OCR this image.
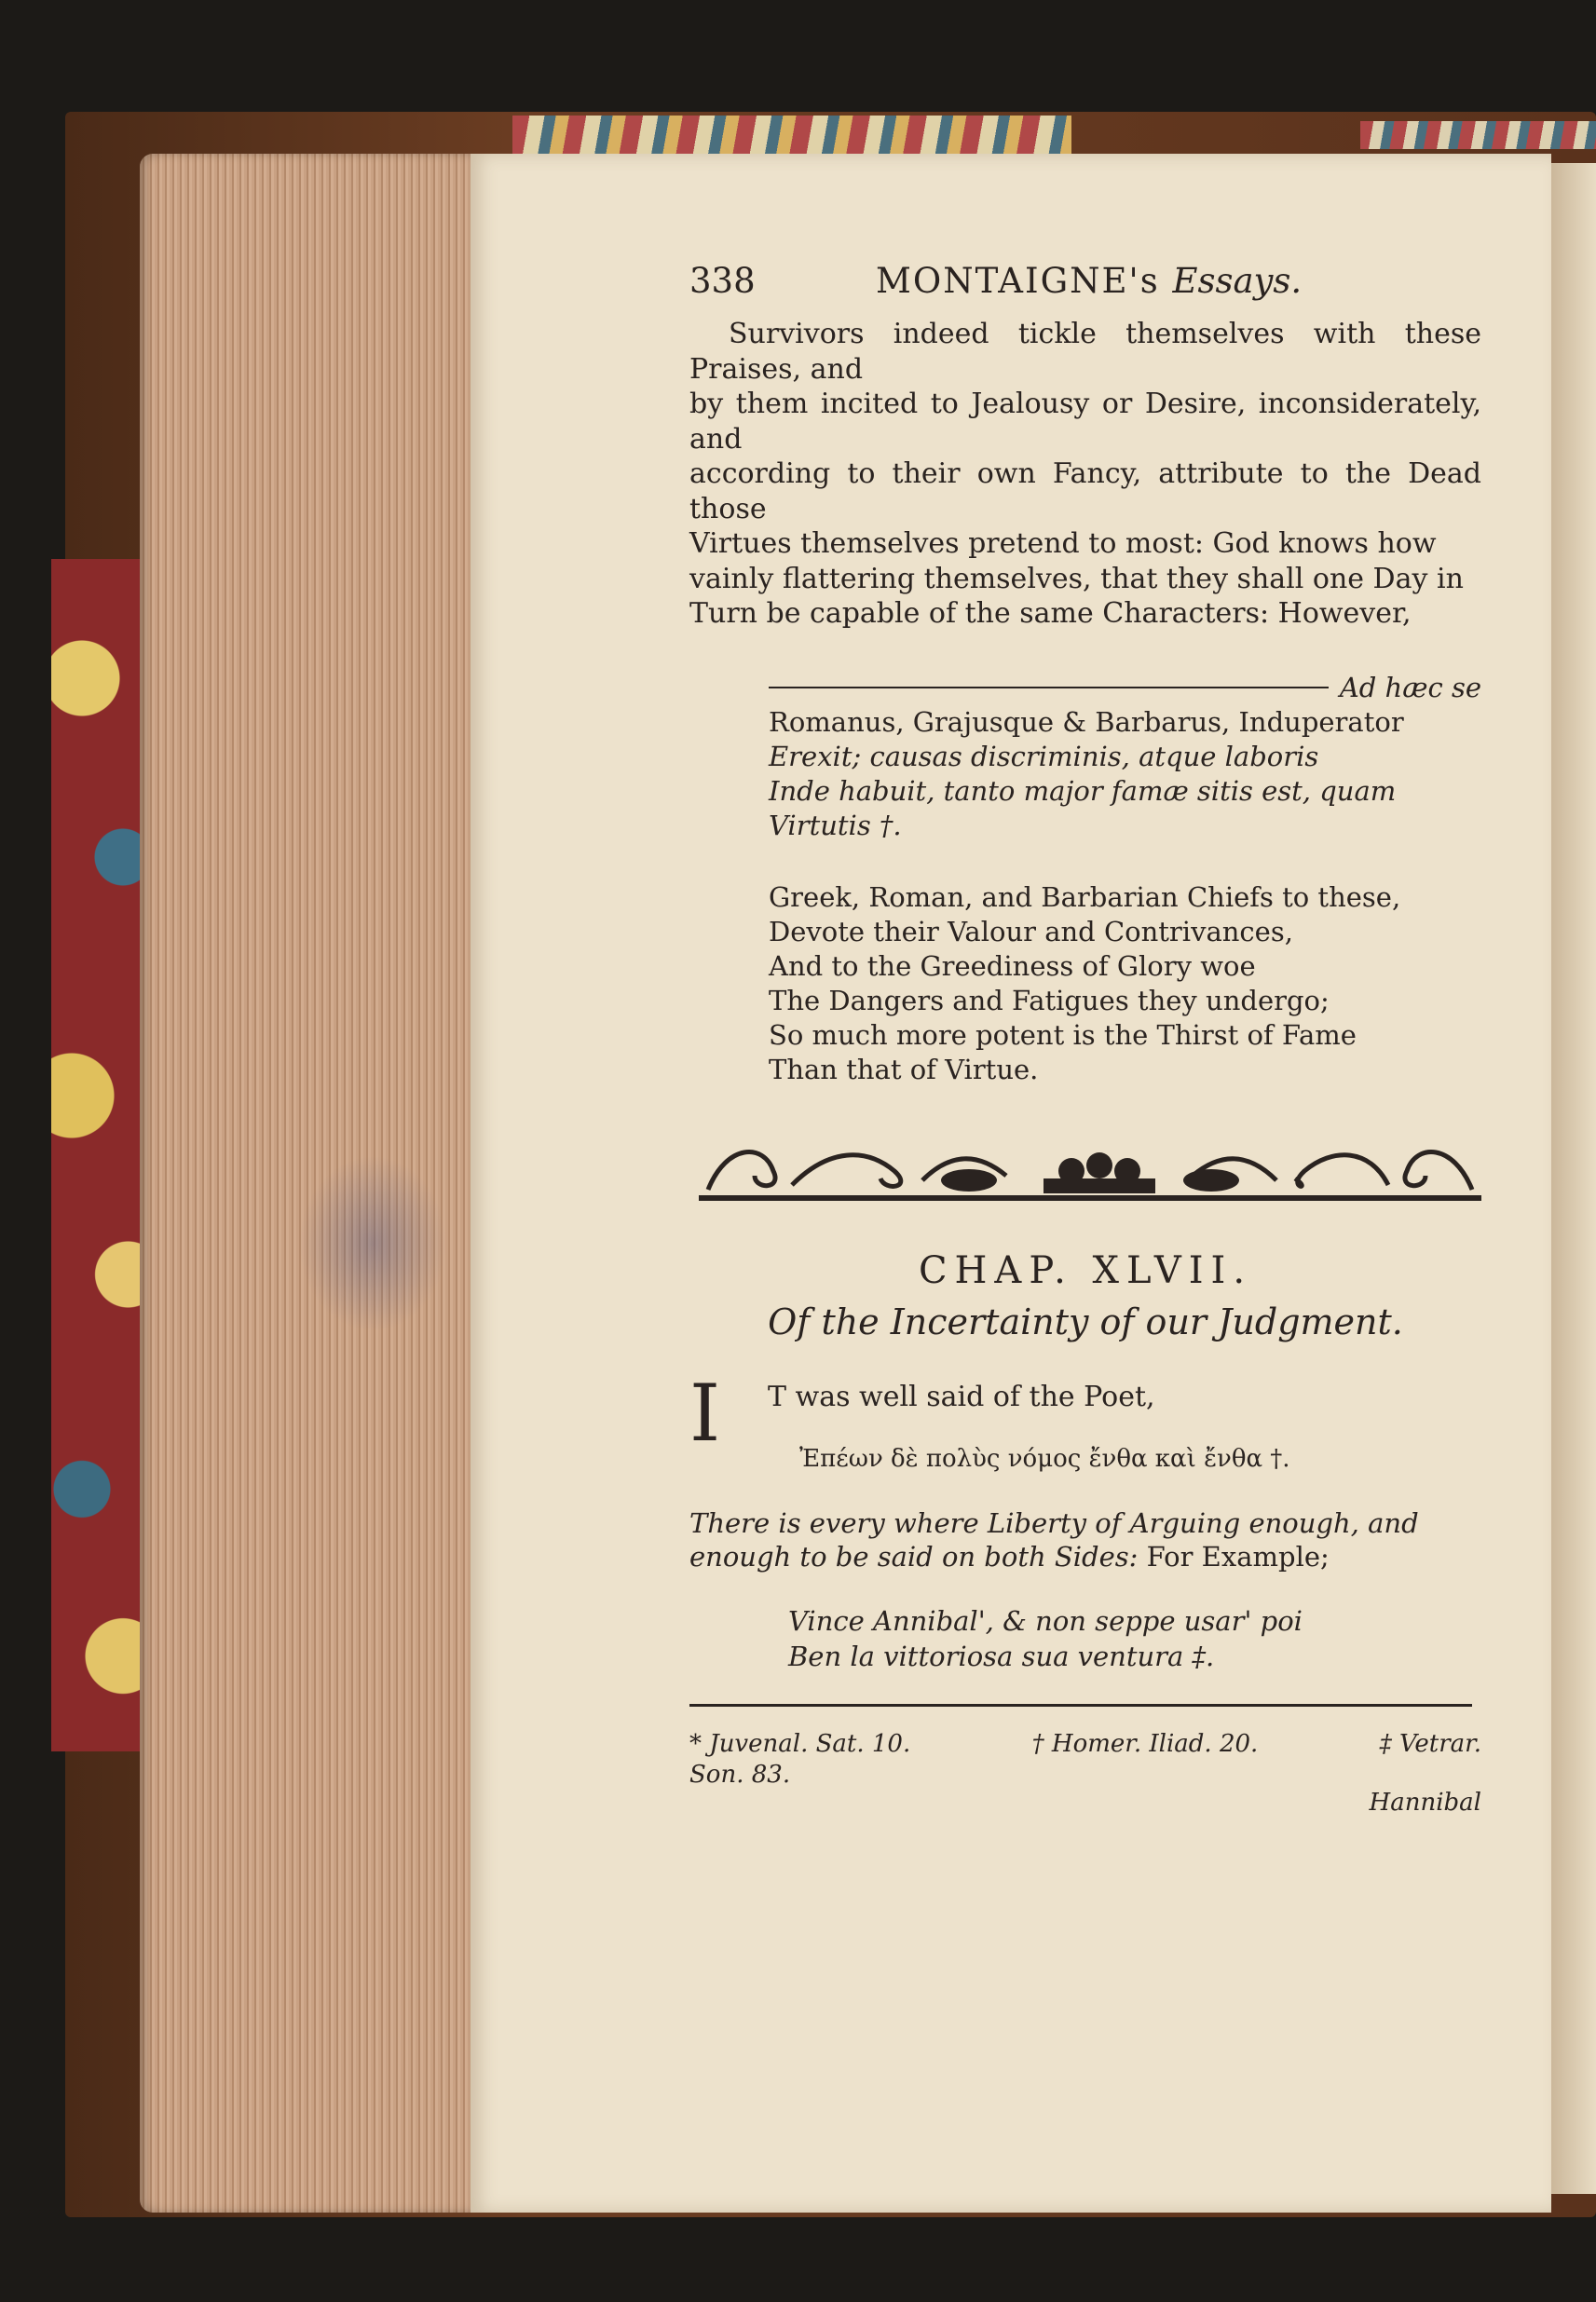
338	MONTAIGNE's Essays.

Survivors indeed tickle themselves with these Praises, and

by them incited to Jealousy or Desire, inconsiderately, and

according to their own Fancy, attribute to the Dead those

Virtues themselves pretend to most: God knows how

vainly flattering themselves, that they shall one Day in

Turn be capable of the same Characters: However,

Ad hæc se

Romanus, Grajusque & Barbarus, Induperator

Erexit; causas discriminis, atque laboris

Inde habuit, tanto major famæ sitis est, quam

Virtutis †.

Greek, Roman, and Barbarian Chiefs to these,

Devote their Valour and Contrivances,

And to the Greediness of Glory woe

The Dangers and Fatigues they undergo;

So much more potent is the Thirst of Fame

Than that of Virtue.

CHAP. XLVII.
Of the Incertainty of our Judgment.
I T was well said of the Poet,
Ἐπέων δὲ πολὺς νόμος ἔνθα καὶ ἔνθα †.
There is every where Liberty of Arguing enough, and enough to be said on both Sides: For Example;

Vince Annibal', & non seppe usar' poi

Ben la vittoriosa sua ventura ‡.

* Juvenal. Sat. 10.	† Homer. Iliad. 20.	‡ Vetrar.
Son. 83.
Hannibal
